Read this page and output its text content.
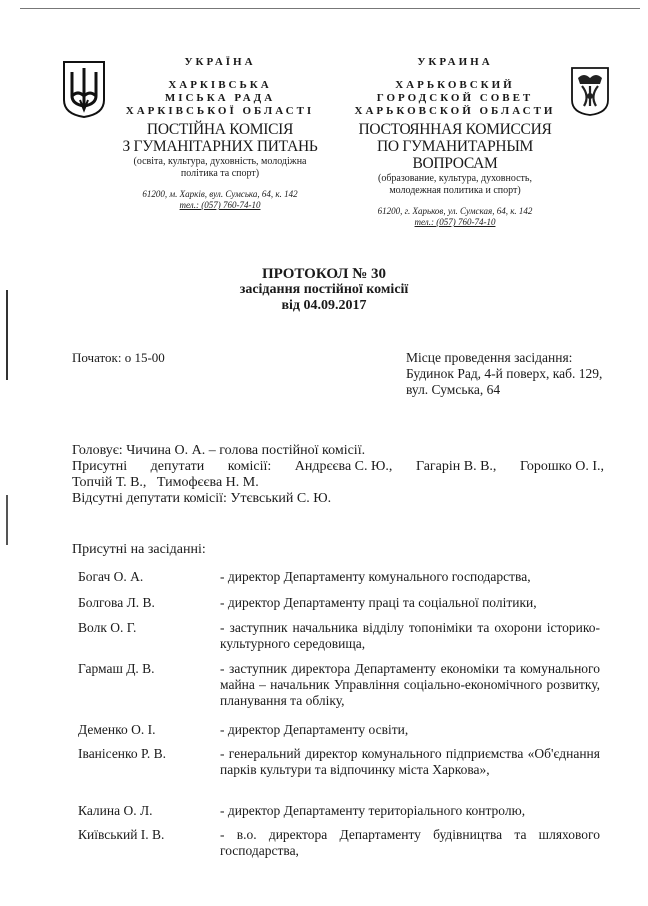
УКРАЇНА
ХАРКІВСЬКА
МІСЬКА РАДА
ХАРКІВСЬКОЇ ОБЛАСТІ
ПОСТІЙНА КОМІСІЯ
З ГУМАНІТАРНИХ ПИТАНЬ
(освіта, культура, духовність, молодіжна
політика та спорт)
61200, м. Харків, вул. Сумська, 64, к. 142
тел.: (057) 760-74-10
УКРАИНА
ХАРЬКОВСКИЙ
ГОРОДСКОЙ СОВЕТ
ХАРЬКОВСКОЙ ОБЛАСТИ
ПОСТОЯННАЯ КОМИССИЯ
ПО ГУМАНИТАРНЫМ ВОПРОСАМ
(образование, культура, духовность,
молодежная политика и спорт)
61200, г. Харьков, ул. Сумская, 64, к. 142
тел.: (057) 760-74-10
ПРОТОКОЛ № 30
засідання постійної комісії
від 04.09.2017
Початок: о 15-00	Місце проведення засідання:
Будинок Рад, 4-й поверх, каб. 129,
вул. Сумська, 64
Головує: Чичина О. А. – голова постійної комісії.
Присутні депутати комісії: Андрєєва С. Ю., Гагарін В. В., Горошко О. І.,
Топчій Т. В.,   Тимофєєва Н. М.
Відсутні депутати комісії: Утєвський С. Ю.
Присутні на засіданні:
Богач О. А.	- директор Департаменту комунального господарства,
Болгова Л. В.	- директор Департаменту праці та соціальної політики,
Волк О. Г.	- заступник начальника відділу топоніміки та охорони історико-культурного середовища,
Гармаш Д. В.	- заступник директора Департаменту економіки та комунального майна – начальник Управління соціально-економічного розвитку, планування та обліку,
Деменко О. І.	- директор Департаменту освіти,
Іванісенко Р. В.	- генеральний директор комунального підприємства «Об'єднання парків культури та відпочинку міста Харкова»,
Калина О. Л.	- директор Департаменту територіального контролю,
Київський І. В.	- в.о. директора Департаменту будівництва та шляхового господарства,
